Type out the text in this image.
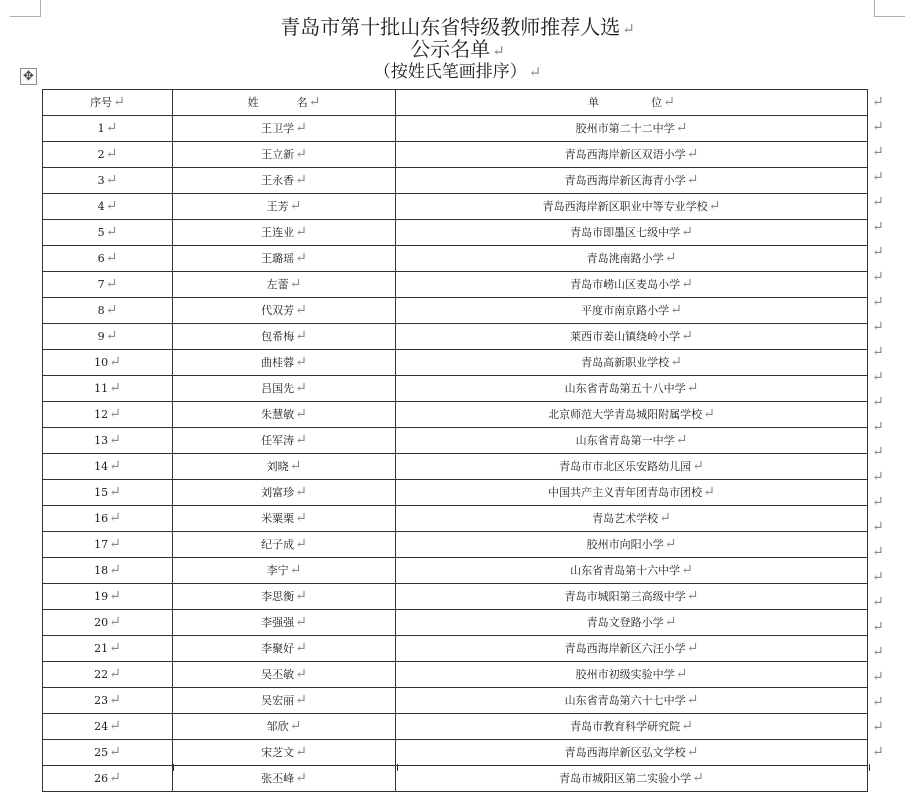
青岛市第十批山东省特级教师推荐人选 ↵
公示名单 ↵
（按姓氏笔画排序） ↵
✥
序号↵	姓 名↵	单 位↵
1↵	王卫学↵	胶州市第二十二中学↵
2↵	王立新↵	青岛西海岸新区双语小学↵
3↵	王永香↵	青岛西海岸新区海青小学↵
4↵	王芳↵	青岛西海岸新区职业中等专业学校↵
5↵	王连业↵	青岛市即墨区七级中学↵
6↵	王璐瑶↵	青岛洮南路小学↵
7↵	左蕾↵	青岛市崂山区麦岛小学↵
8↵	代双芳↵	平度市南京路小学↵
9↵	包希梅↵	莱西市姜山镇绕岭小学↵
10↵	曲桂蓉↵	青岛高新职业学校↵
11↵	吕国先↵	山东省青岛第五十八中学↵
12↵	朱慧敏↵	北京师范大学青岛城阳附属学校↵
13↵	任军涛↵	山东省青岛第一中学↵
14↵	刘晓↵	青岛市市北区乐安路幼儿园↵
15↵	刘富珍↵	中国共产主义青年团青岛市团校↵
16↵	米粟栗↵	青岛艺术学校↵
17↵	纪子成↵	胶州市向阳小学↵
18↵	李宁↵	山东省青岛第十六中学↵
19↵	李思衡↵	青岛市城阳第三高级中学↵
20↵	李强强↵	青岛文登路小学↵
21↵	李聚好↵	青岛西海岸新区六汪小学↵
22↵	吴丕敏↵	胶州市初级实验中学↵
23↵	吴宏丽↵	山东省青岛第六十七中学↵
24↵	邹欣↵	青岛市教育科学研究院↵
25↵	宋芝文↵	青岛西海岸新区弘文学校↵
26↵	张丕峰↵	青岛市城阳区第二实验小学↵
↵
↵
↵
↵
↵
↵
↵
↵
↵
↵
↵
↵
↵
↵
↵
↵
↵
↵
↵
↵
↵
↵
↵
↵
↵
↵
↵
